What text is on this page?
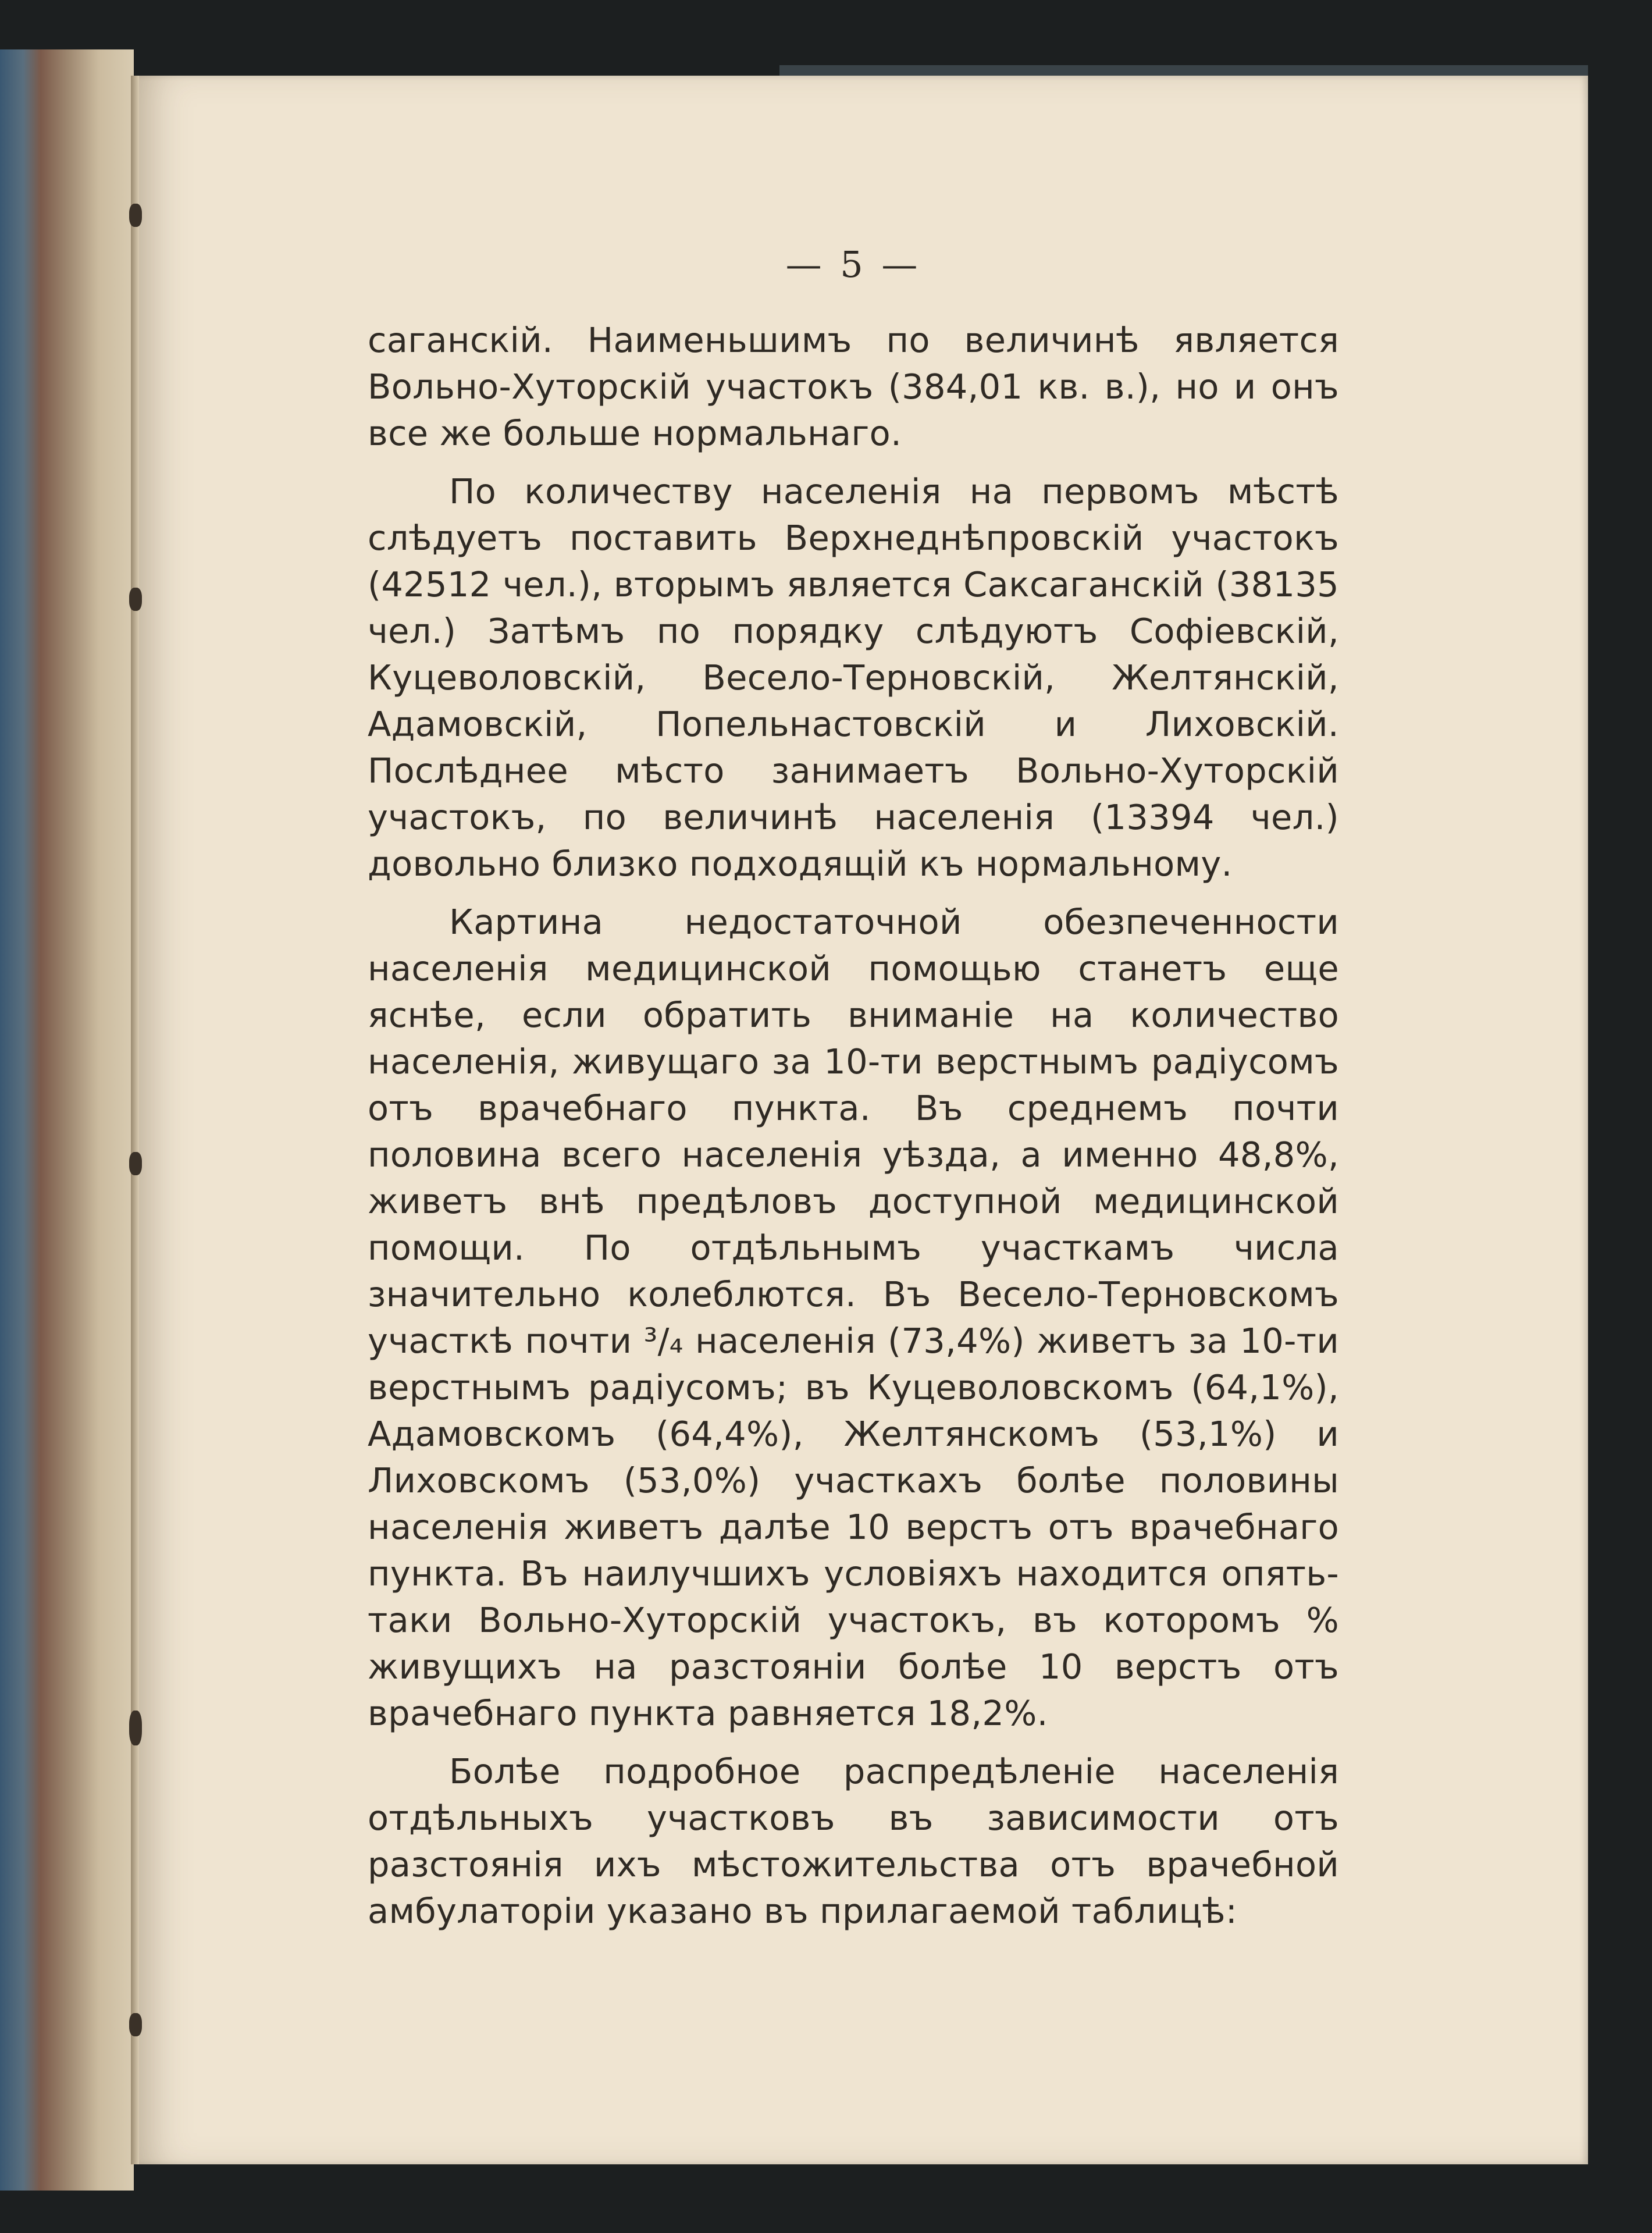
— 5 —

саганскій. Наименьшимъ по величинѣ является Вольно-Хуторскій участокъ (384,01 кв. в.), но и онъ все же больше нормальнаго.

По количеству населенія на первомъ мѣстѣ слѣдуетъ поставить Верхнеднѣпровскій участокъ (42512 чел.), вторымъ является Саксаганскій (38135 чел.) Затѣмъ по порядку слѣдуютъ Софіевскій, Куцеволовскій, Весело-Терновскій, Желтянскій, Адамовскій, Попельнастовскій и Лиховскій. Послѣднее мѣсто занимаетъ Вольно-Хуторскій участокъ, по величинѣ населенія (13394 чел.) довольно близко подходящій къ нормальному.

Картина недостаточной обезпеченности населенія медицинской помощью станетъ еще яснѣе, если обратить вниманіе на количество населенія, живущаго за 10-ти верстнымъ радіусомъ отъ врачебнаго пункта. Въ среднемъ почти половина всего населенія уѣзда, а именно 48,8%, живетъ внѣ предѣловъ доступной медицинской помощи. По отдѣльнымъ участкамъ числа значительно колеблются. Въ Весело-Терновскомъ участкѣ почти ³/₄ населенія (73,4%) живетъ за 10-ти верстнымъ радіусомъ; въ Куцеволовскомъ (64,1%), Адамовскомъ (64,4%), Желтянскомъ (53,1%) и Лиховскомъ (53,0%) участкахъ болѣе половины населенія живетъ далѣе 10 верстъ отъ врачебнаго пункта. Въ наилучшихъ условіяхъ находится опять-таки Вольно-Хуторскій участокъ, въ которомъ % живущихъ на разстояніи болѣе 10 верстъ отъ врачебнаго пункта равняется 18,2%.

Болѣе подробное распредѣленіе населенія отдѣльныхъ участковъ въ зависимости отъ разстоянія ихъ мѣстожительства отъ врачебной амбулаторіи указано въ прилагаемой таблицѣ:
